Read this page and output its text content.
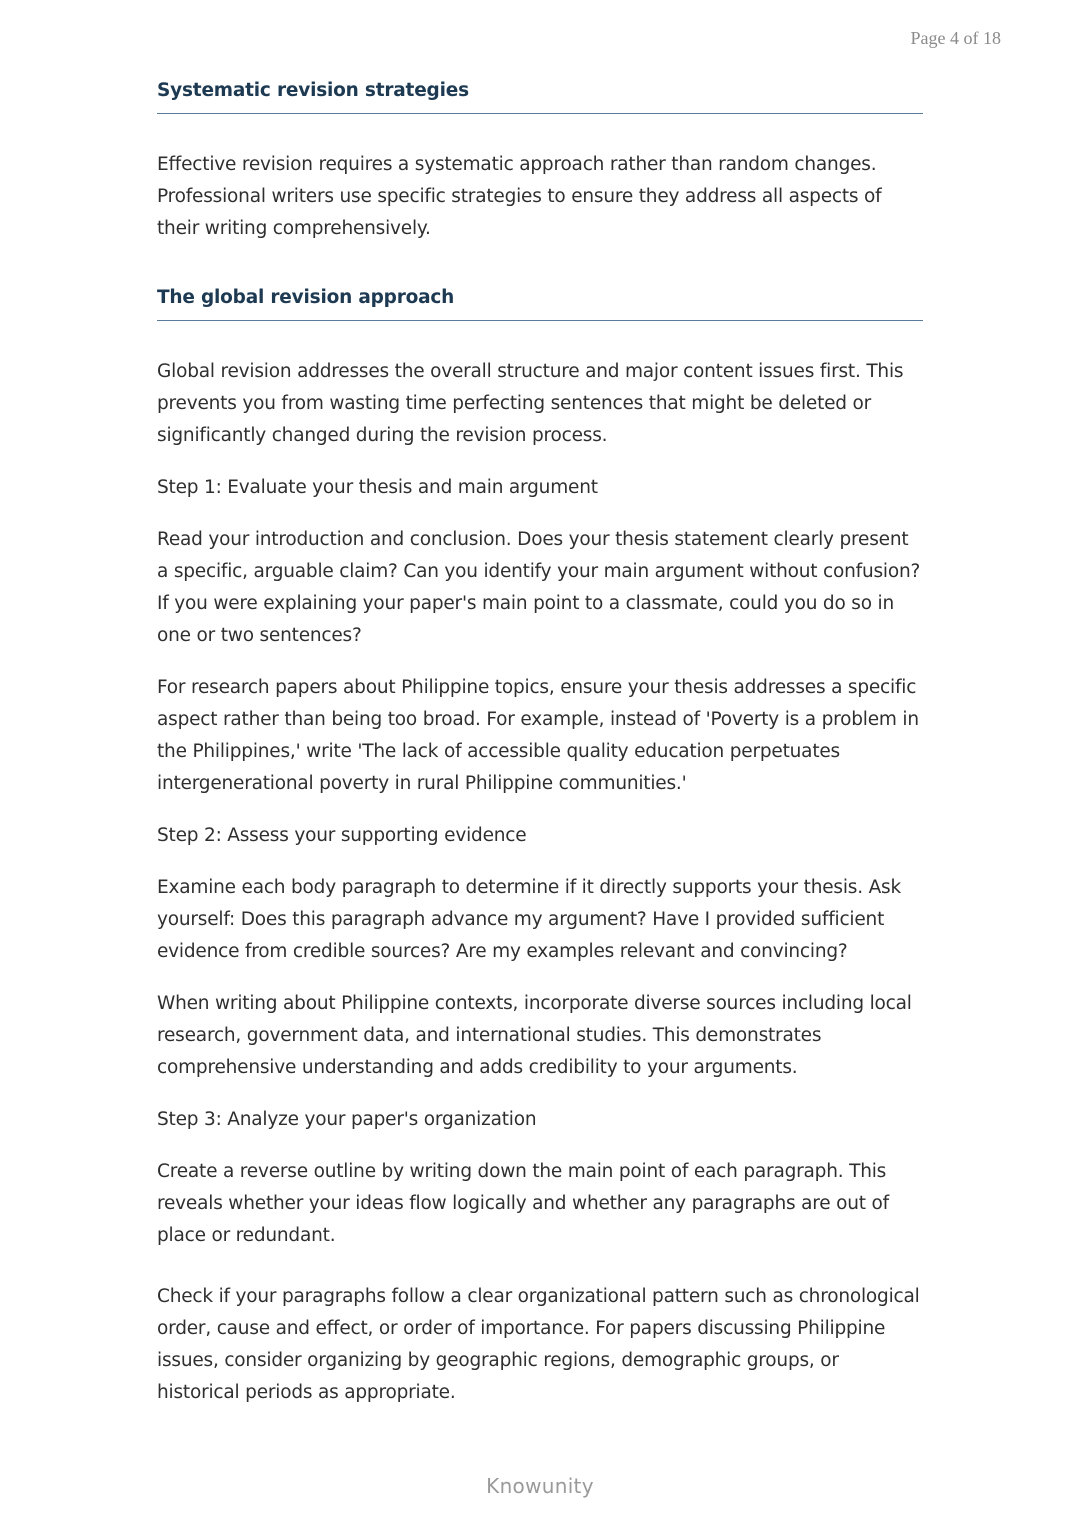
Page 4 of 18
Systematic revision strategies

Effective revision requires a systematic approach rather than random changes. Professional writers use specific strategies to ensure they address all aspects of their writing comprehensively.

The global revision approach

Global revision addresses the overall structure and major content issues first. This prevents you from wasting time perfecting sentences that might be deleted or significantly changed during the revision process.

Step 1: Evaluate your thesis and main argument

Read your introduction and conclusion. Does your thesis statement clearly present a specific, arguable claim? Can you identify your main argument without confusion? If you were explaining your paper's main point to a classmate, could you do so in one or two sentences?

For research papers about Philippine topics, ensure your thesis addresses a specific aspect rather than being too broad. For example, instead of 'Poverty is a problem in the Philippines,' write 'The lack of accessible quality education perpetuates intergenerational poverty in rural Philippine communities.'

Step 2: Assess your supporting evidence

Examine each body paragraph to determine if it directly supports your thesis. Ask yourself: Does this paragraph advance my argument? Have I provided sufficient evidence from credible sources? Are my examples relevant and convincing?

When writing about Philippine contexts, incorporate diverse sources including local research, government data, and international studies. This demonstrates comprehensive understanding and adds credibility to your arguments.

Step 3: Analyze your paper's organization

Create a reverse outline by writing down the main point of each paragraph. This reveals whether your ideas flow logically and whether any paragraphs are out of place or redundant.

Check if your paragraphs follow a clear organizational pattern such as chronological order, cause and effect, or order of importance. For papers discussing Philippine issues, consider organizing by geographic regions, demographic groups, or historical periods as appropriate.

Knowunity
